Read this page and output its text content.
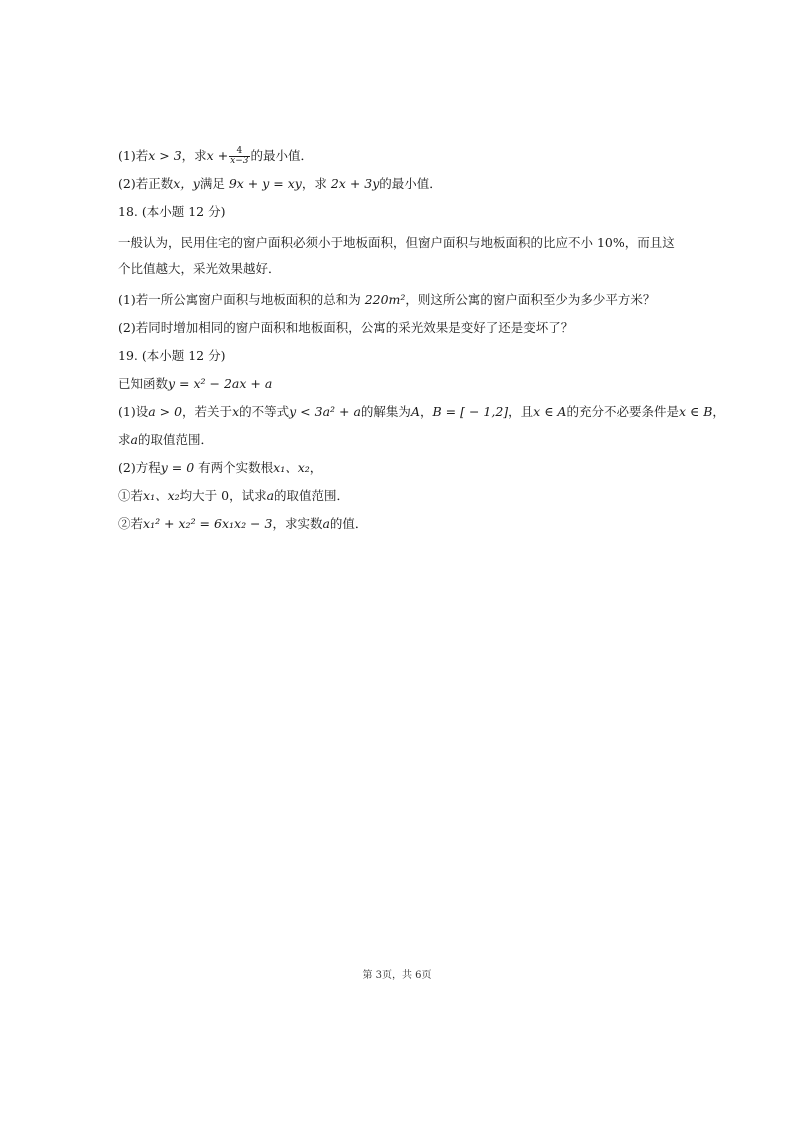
(1)若x > 3，求$x + \frac{4}{x-3}$ 的最小值．
(2)若正数x，y满足 9x + y = xy，求 2x + 3y的最小值．
18. (本小题 12 分)
一般认为，民用住宅的窗户面积必须小于地板面积，但窗户面积与地板面积的比应不小 10%，而且这个比值越大，采光效果越好．
(1)若一所公寓窗户面积与地板面积的总和为 220m²，则这所公寓的窗户面积至少为多少平方米？
(2)若同时增加相同的窗户面积和地板面积，公寓的采光效果是变好了还是变坏了？
19. (本小题 12 分)
已知函数y = x² − 2ax + a
(1)设a > 0，若关于x的不等式y < 3a² + a的解集为A，B = [ − 1,2]，且x ∈ A的充分不必要条件是x ∈ B，
求a的取值范围．
(2)方程y = 0 有两个实数根x₁、x₂，
①若x₁、x₂均大于 0，试求a的取值范围．
②若x₁² + x₂² = 6x₁x₂ − 3，求实数a的值．
第 3页，共 6页
